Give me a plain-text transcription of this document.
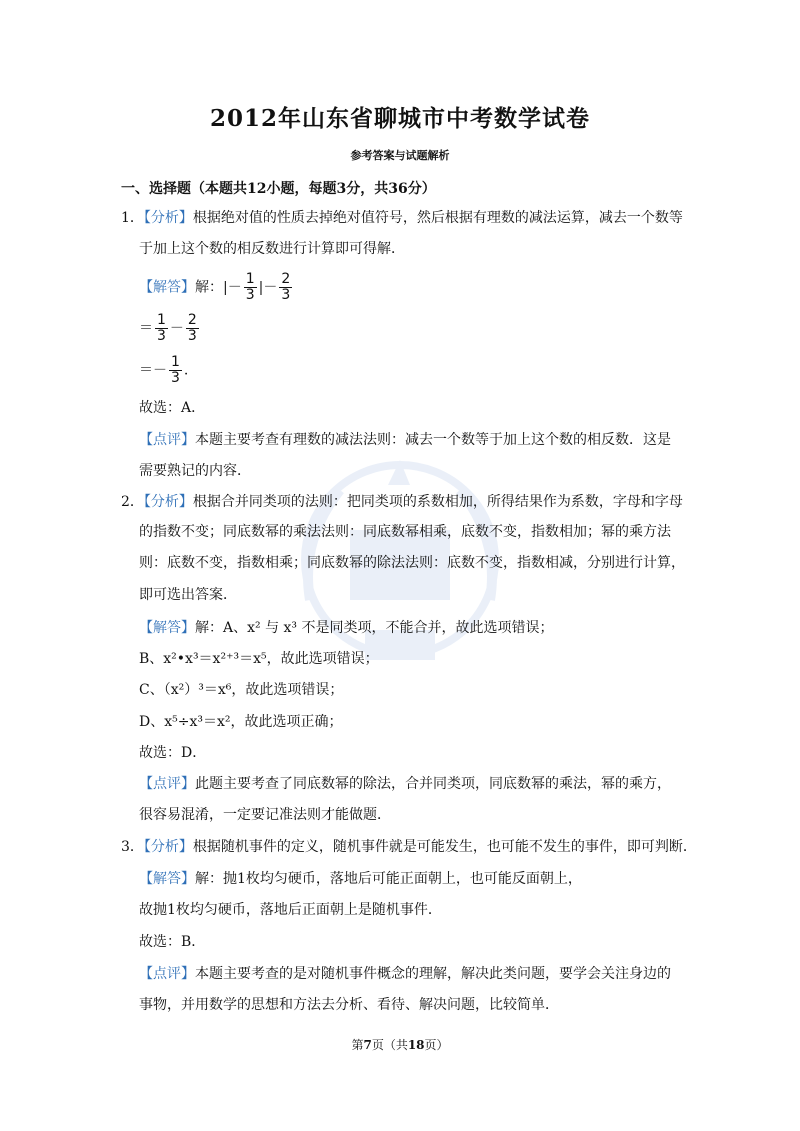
2012年山东省聊城市中考数学试卷
参考答案与试题解析
一、选择题（本题共12小题，每题3分，共36分）
1．【分析】根据绝对值的性质去掉绝对值符号，然后根据有理数的减法运算，减去一个数等
于加上这个数的相反数进行计算即可得解．
【解答】解：|－ $\frac{1}{3}$ |－ $\frac{2}{3}$
＝ $\frac{1}{3} - \frac{2}{3}$
＝－ $\frac{1}{3}$ .
故选：A．
【点评】本题主要考查有理数的减法法则：减去一个数等于加上这个数的相反数．这是
需要熟记的内容．
2．【分析】根据合并同类项的法则：把同类项的系数相加，所得结果作为系数，字母和字母
的指数不变；同底数幂的乘法法则：同底数幂相乘，底数不变，指数相加；幂的乘方法
则：底数不变，指数相乘；同底数幂的除法法则：底数不变，指数相减，分别进行计算，
即可选出答案．
【解答】解：A、x² 与 x³ 不是同类项，不能合并，故此选项错误；
B、x²•x³＝x²⁺³＝x⁵，故此选项错误；
C、（x²）³＝x⁶，故此选项错误；
D、x⁵÷x³＝x²，故此选项正确；
故选：D．
【点评】此题主要考查了同底数幂的除法，合并同类项，同底数幂的乘法，幂的乘方，
很容易混淆，一定要记准法则才能做题．
3．【分析】根据随机事件的定义，随机事件就是可能发生，也可能不发生的事件，即可判断．
【解答】解：抛1枚均匀硬币，落地后可能正面朝上，也可能反面朝上，
故抛1枚均匀硬币，落地后正面朝上是随机事件．
故选：B．
【点评】本题主要考查的是对随机事件概念的理解，解决此类问题，要学会关注身边的
事物，并用数学的思想和方法去分析、看待、解决问题，比较简单．
第7页（共18页）
